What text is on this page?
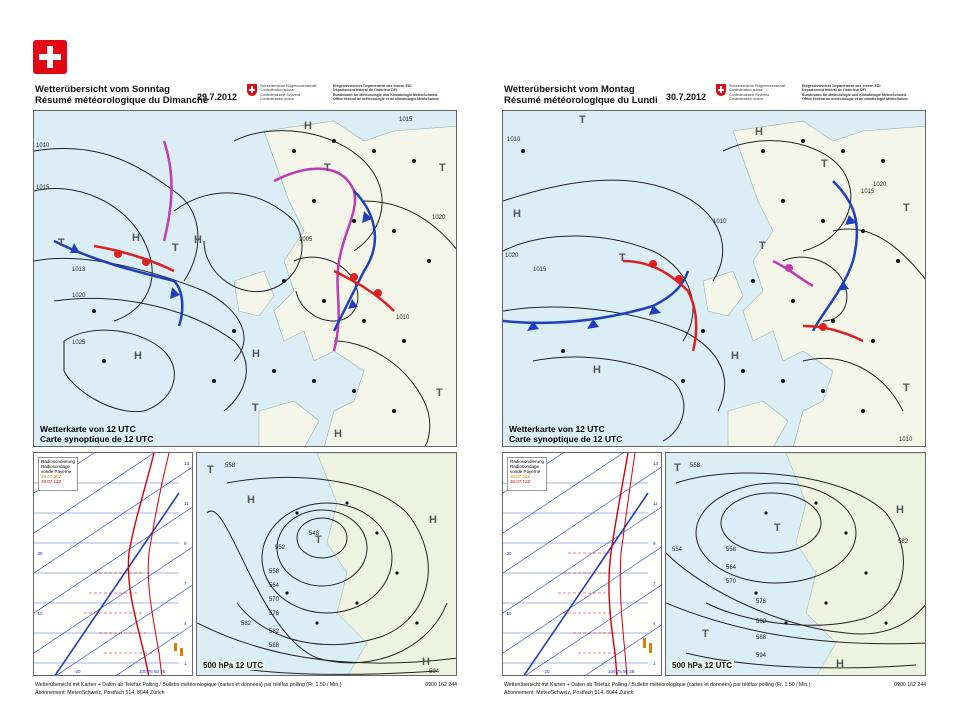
Wetterübersicht vom Sonntag
Résumé météorologique du Dimanche
29.7.2012
Schweizerische Eidgenossenschaft
Confédération suisse
Confederazione Svizzera
Confederaziun svizra
Eidgenössisches Departement des Innern EDI
Département fédéral de l'intérieur DFI
Bundesamt für Meteorologie und Klimatologie MeteoSchweiz
Office fédéral de météorologie et de climatologie MétéoSuisse
1010
1015
1020
1013
1025
1005
1015
1010
1020
H
H	H
H	H
H
T	T
T	T
T
T
Wetterkarte von 12 UTC
Carte synoptique de 12 UTC
13
11
9
7
4
1
-30
-10
-20	100 75 50 25
Radiosondierung
Radiosondage
vonde Payerne
29.07.00Z
29.07.12Z
558
548
552
558
564
570
576
582
588
594
582
T
H
T
H
H
500 hPa 12 UTC
Wetterübersicht mit Karten + Daten ab Telefax Polling / Bulletin météorologique (cartes et données) par téléfax polling (Fr. 1.50 / Min.)
Abonnement: MeteoSchweiz, Postfach 514, 8044 Zürich
0900 162 244
Wetterübersicht vom Montag
Résumé météorologique du Lundi 30.7.2012
Schweizerische Eidgenossenschaft
Confédération suisse
Confederazione Svizzera
Confederaziun svizra
Eidgenössisches Departement des Innern EDI
Département fédéral de l'intérieur DFI
Bundesamt für Meteorologie und Klimatologie MeteoSchweiz
Office fédéral de météorologie et de climatologie MétéoSuisse
1010
1015
1020
1020
1010
1015
1010
H
H
H
H
T
T
T
T
T
T
Wetterkarte von 12 UTC
Carte synoptique de 12 UTC
13
11
9
7
4
1
-30
-10
-20	100 75 50 25
Radiosondierung
Radiosondage
vonde Payerne
30.07.00Z
30.07.12Z
558
554	558
564
570
576
582
588
594
582
T
T
H
T
H
500 hPa 12 UTC
Wetterübersicht mit Karten + Daten ab Telefax Polling / Bulletin météorologique (cartes et données) par téléfax polling (Fr. 1.50 / Min.)
Abonnement: MeteoSchweiz, Postfach 514, 8044 Zürich
0900 162 244
